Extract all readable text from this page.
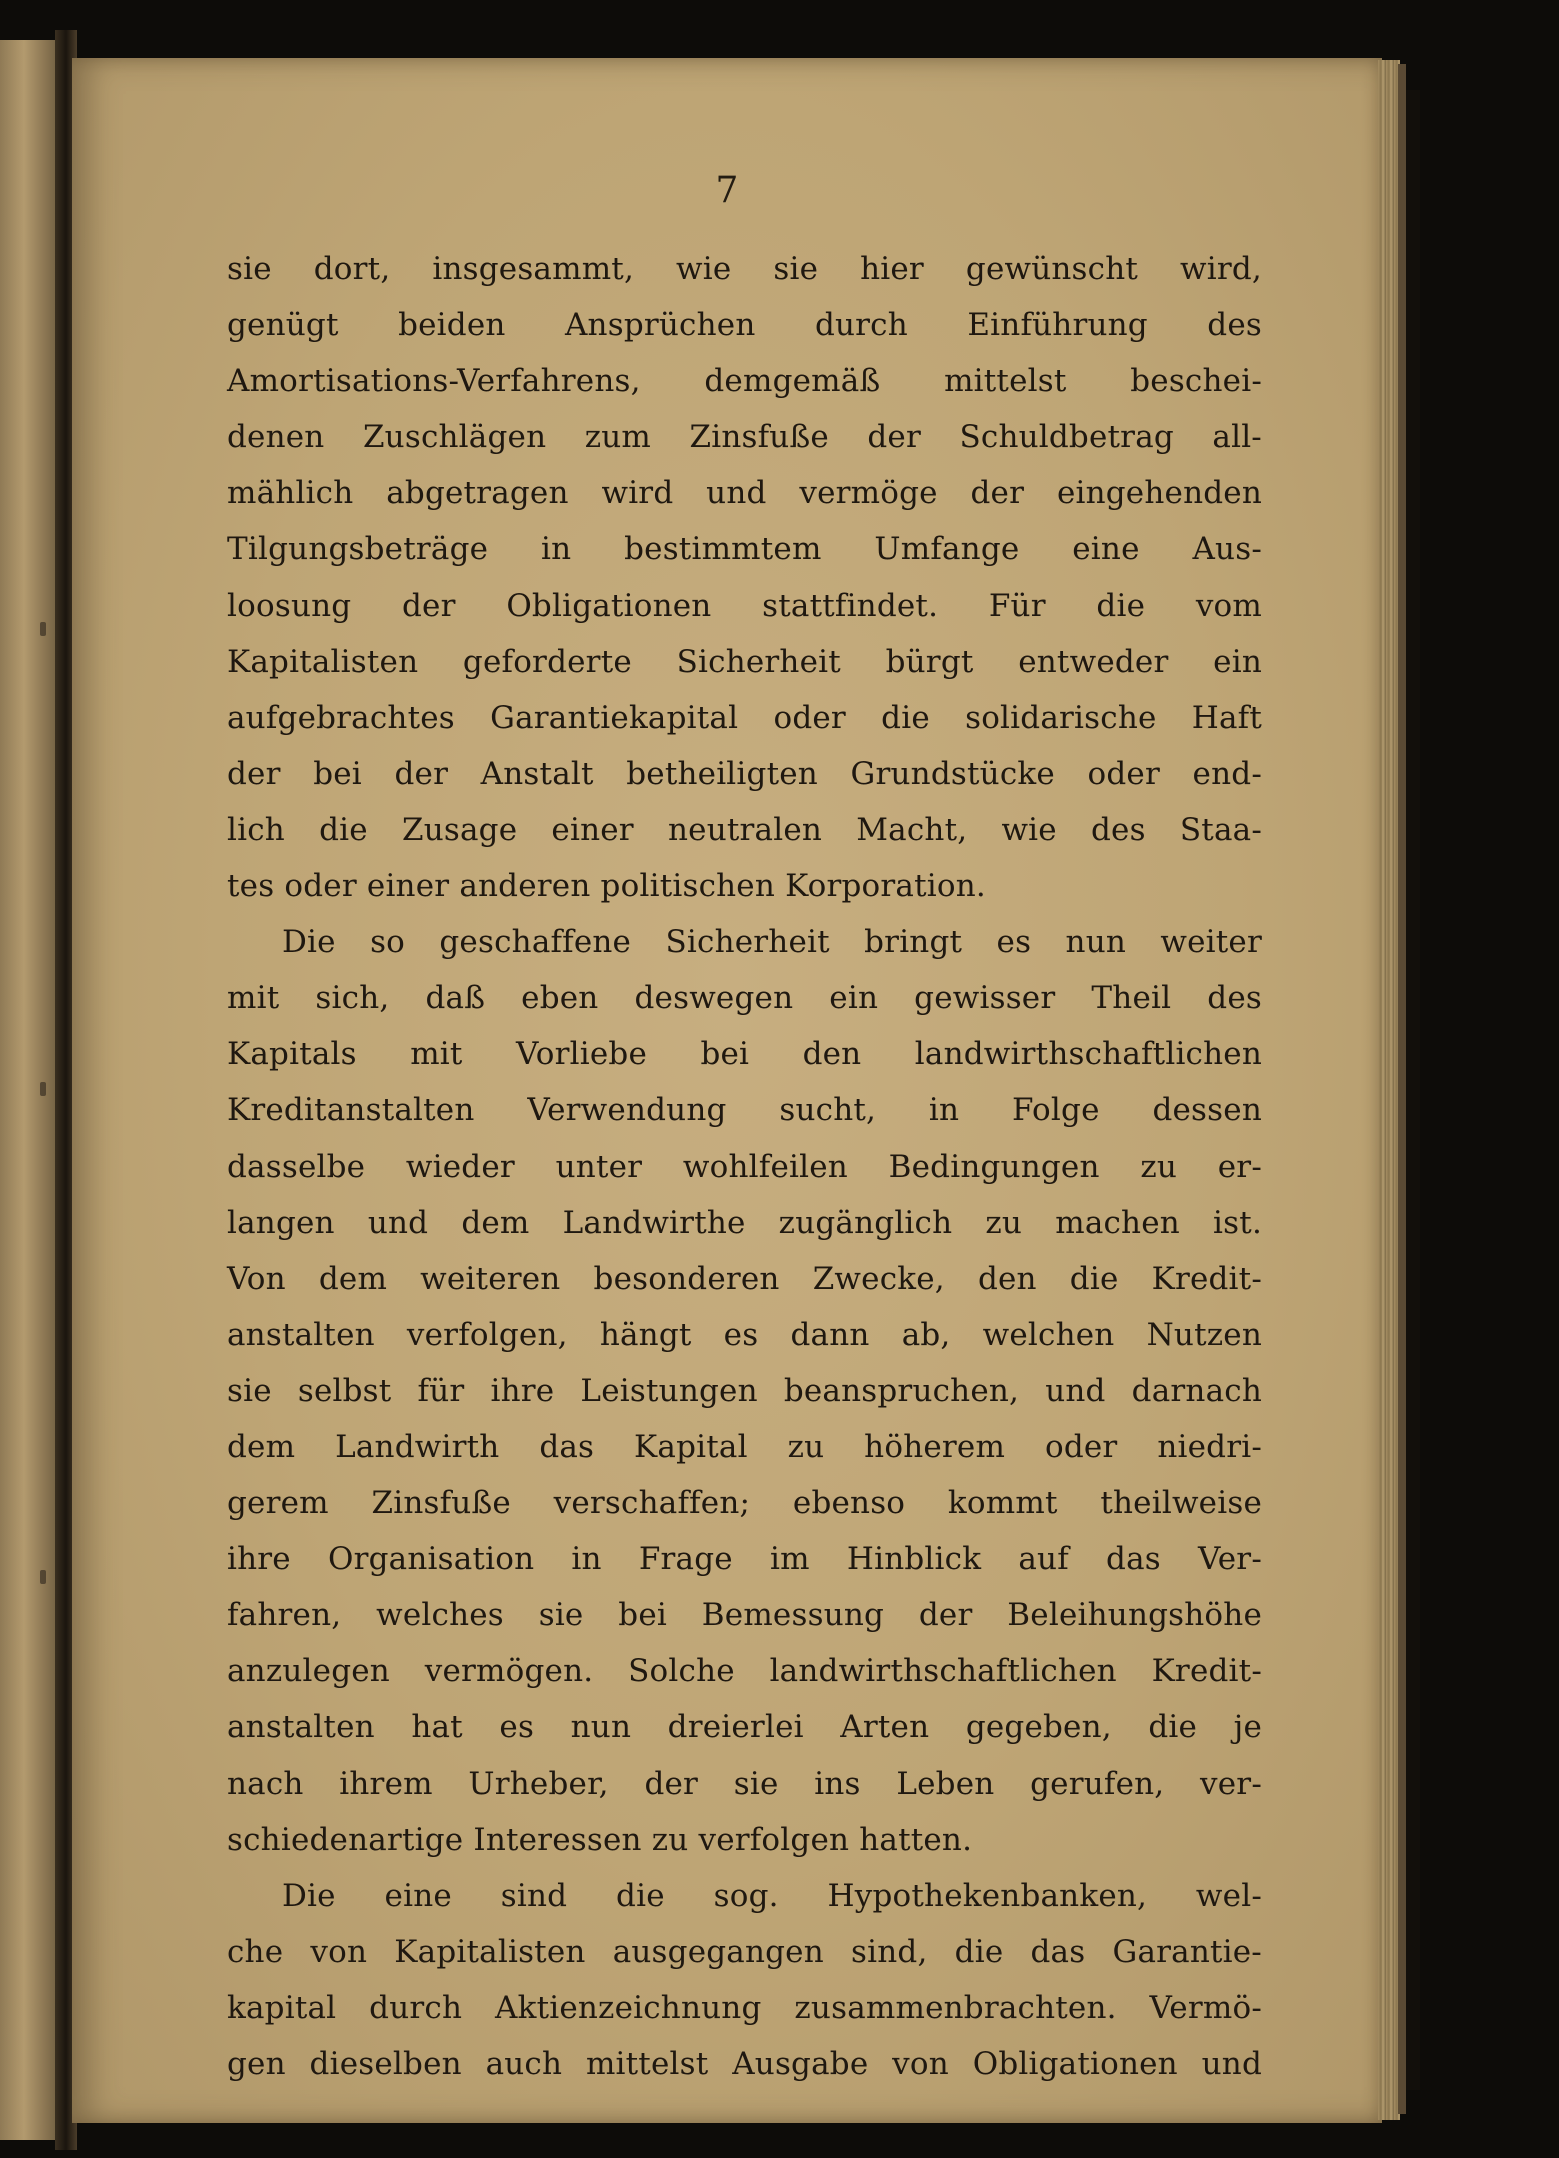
7
sie dort, insgesammt, wie sie hier gewünscht wird,
genügt beiden Ansprüchen durch Einführung des
Amortisations-Verfahrens, demgemäß mittelst beschei-
denen Zuschlägen zum Zinsfuße der Schuldbetrag all-
mählich abgetragen wird und vermöge der eingehenden
Tilgungsbeträge in bestimmtem Umfange eine Aus-
loosung der Obligationen stattfindet. Für die vom
Kapitalisten geforderte Sicherheit bürgt entweder ein
aufgebrachtes Garantiekapital oder die solidarische Haft
der bei der Anstalt betheiligten Grundstücke oder end-
lich die Zusage einer neutralen Macht, wie des Staa-
tes oder einer anderen politischen Korporation.
Die so geschaffene Sicherheit bringt es nun weiter
mit sich, daß eben deswegen ein gewisser Theil des
Kapitals mit Vorliebe bei den landwirthschaftlichen
Kreditanstalten Verwendung sucht, in Folge dessen
dasselbe wieder unter wohlfeilen Bedingungen zu er-
langen und dem Landwirthe zugänglich zu machen ist.
Von dem weiteren besonderen Zwecke, den die Kredit-
anstalten verfolgen, hängt es dann ab, welchen Nutzen
sie selbst für ihre Leistungen beanspruchen, und darnach
dem Landwirth das Kapital zu höherem oder niedri-
gerem Zinsfuße verschaffen; ebenso kommt theilweise
ihre Organisation in Frage im Hinblick auf das Ver-
fahren, welches sie bei Bemessung der Beleihungshöhe
anzulegen vermögen. Solche landwirthschaftlichen Kredit-
anstalten hat es nun dreierlei Arten gegeben, die je
nach ihrem Urheber, der sie ins Leben gerufen, ver-
schiedenartige Interessen zu verfolgen hatten.
Die eine sind die sog. Hypothekenbanken, wel-
che von Kapitalisten ausgegangen sind, die das Garantie-
kapital durch Aktienzeichnung zusammenbrachten. Vermö-
gen dieselben auch mittelst Ausgabe von Obligationen und
